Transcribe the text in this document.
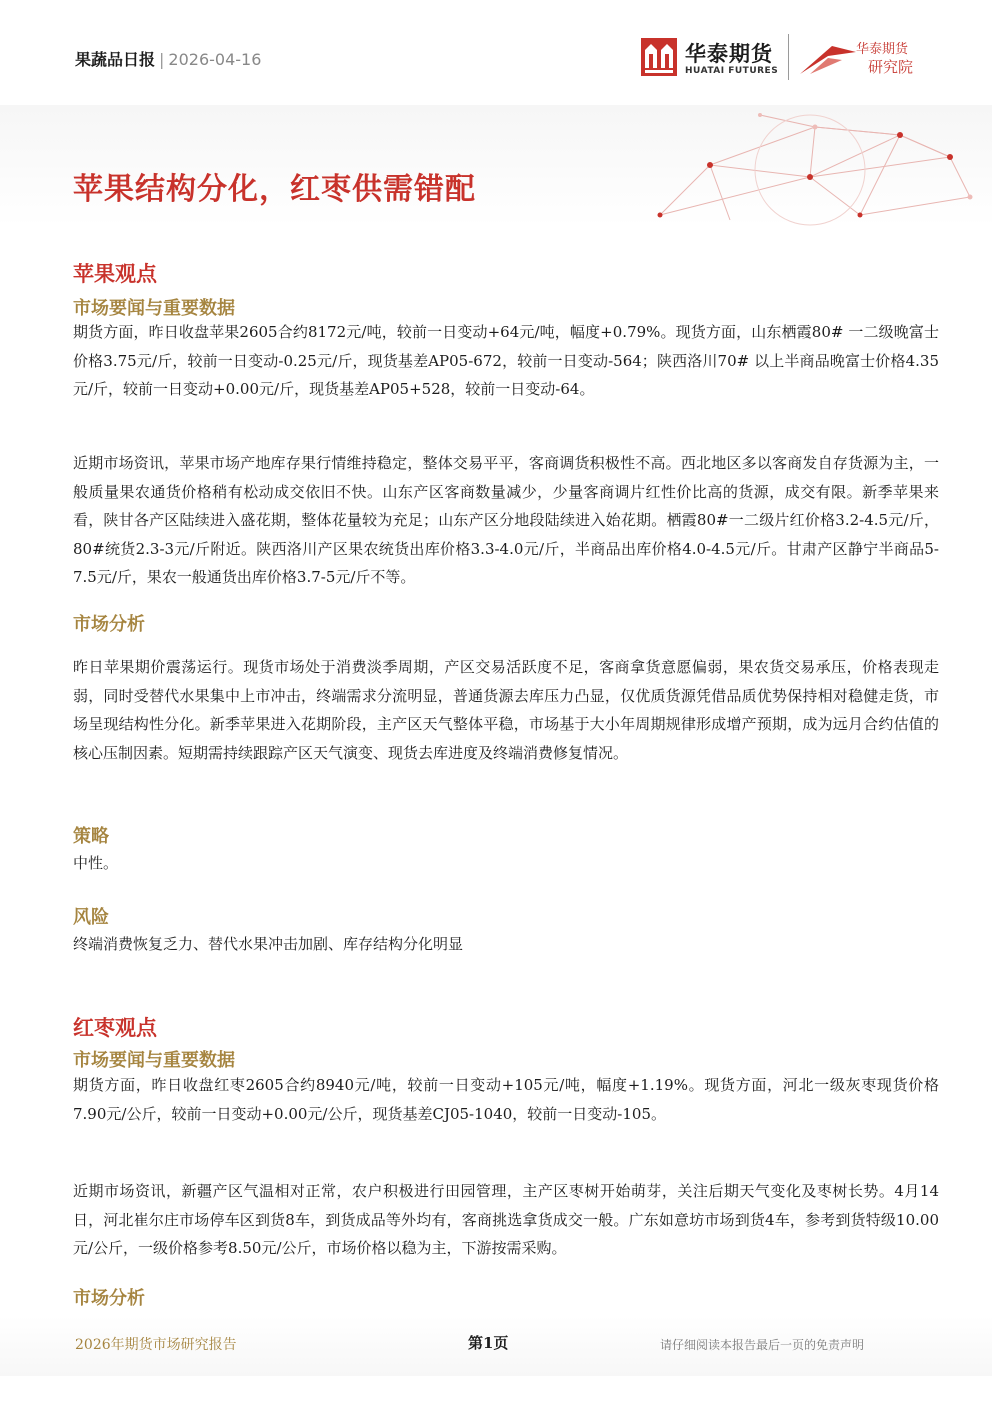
果蔬品日报 | 2026-04-16	华泰期货
HUATAI FUTURES
华泰期货
研究院
苹果结构分化，红枣供需错配
苹果观点
市场要闻与重要数据
期货方面，昨日收盘苹果2605合约8172元/吨，较前一日变动+64元/吨，幅度+0.79%。现货方面，山东栖霞80# 一二级晚富士价格3.75元/斤，较前一日变动-0.25元/斤，现货基差AP05-672，较前一日变动-564；陕西洛川70# 以上半商品晚富士价格4.35元/斤，较前一日变动+0.00元/斤，现货基差AP05+528，较前一日变动-64。
近期市场资讯，苹果市场产地库存果行情维持稳定，整体交易平平，客商调货积极性不高。西北地区多以客商发自存货源为主，一般质量果农通货价格稍有松动成交依旧不快。山东产区客商数量减少，少量客商调片红性价比高的货源，成交有限。新季苹果来看，陕甘各产区陆续进入盛花期，整体花量较为充足；山东产区分地段陆续进入始花期。栖霞80#一二级片红价格3.2-4.5元/斤，80#统货2.3-3元/斤附近。陕西洛川产区果农统货出库价格3.3-4.0元/斤，半商品出库价格4.0-4.5元/斤。甘肃产区静宁半商品5-7.5元/斤，果农一般通货出库价格3.7-5元/斤不等。
市场分析
昨日苹果期价震荡运行。现货市场处于消费淡季周期，产区交易活跃度不足，客商拿货意愿偏弱，果农货交易承压，价格表现走弱，同时受替代水果集中上市冲击，终端需求分流明显，普通货源去库压力凸显，仅优质货源凭借品质优势保持相对稳健走货，市场呈现结构性分化。新季苹果进入花期阶段，主产区天气整体平稳，市场基于大小年周期规律形成增产预期，成为远月合约估值的核心压制因素。短期需持续跟踪产区天气演变、现货去库进度及终端消费修复情况。
策略
中性。
风险
终端消费恢复乏力、替代水果冲击加剧、库存结构分化明显
红枣观点
市场要闻与重要数据
期货方面，昨日收盘红枣2605合约8940元/吨，较前一日变动+105元/吨，幅度+1.19%。现货方面，河北一级灰枣现货价格7.90元/公斤，较前一日变动+0.00元/公斤，现货基差CJ05-1040，较前一日变动-105。
近期市场资讯，新疆产区气温相对正常，农户积极进行田园管理，主产区枣树开始萌芽，关注后期天气变化及枣树长势。4月14日，河北崔尔庄市场停车区到货8车，到货成品等外均有，客商挑选拿货成交一般。广东如意坊市场到货4车，参考到货特级10.00元/公斤，一级价格参考8.50元/公斤，市场价格以稳为主，下游按需采购。
市场分析
2026年期货市场研究报告	第1页	请仔细阅读本报告最后一页的免责声明
